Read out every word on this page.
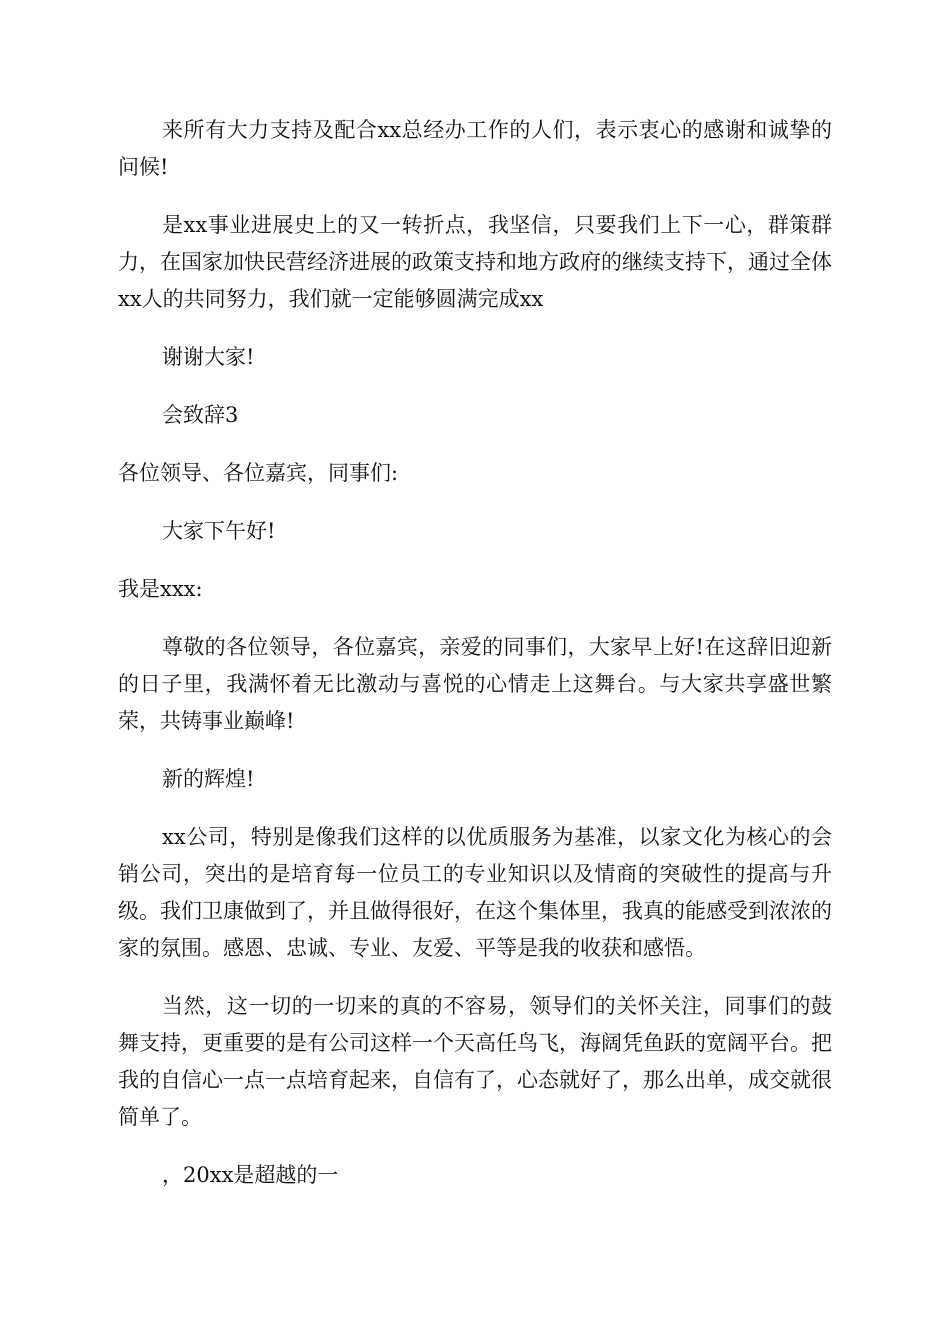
来所有大力支持及配合xx总经办工作的人们，表示衷心的感谢和诚挚的问候!

是xx事业进展史上的又一转折点，我坚信，只要我们上下一心，群策群力，在国家加快民营经济进展的政策支持和地方政府的继续支持下，通过全体xx人的共同努力，我们就一定能够圆满完成xx

谢谢大家!

会致辞3

各位领导、各位嘉宾，同事们:

大家下午好!

我是xxx:

尊敬的各位领导，各位嘉宾，亲爱的同事们，大家早上好!在这辞旧迎新的日子里，我满怀着无比激动与喜悦的心情走上这舞台。与大家共享盛世繁荣，共铸事业巅峰!

新的辉煌!

xx公司，特别是像我们这样的以优质服务为基准，以家文化为核心的会销公司，突出的是培育每一位员工的专业知识以及情商的突破性的提高与升级。我们卫康做到了，并且做得很好，在这个集体里，我真的能感受到浓浓的家的氛围。感恩、忠诚、专业、友爱、平等是我的收获和感悟。

当然，这一切的一切来的真的不容易，领导们的关怀关注，同事们的鼓舞支持，更重要的是有公司这样一个天高任鸟飞，海阔凭鱼跃的宽阔平台。把我的自信心一点一点培育起来，自信有了，心态就好了，那么出单，成交就很简单了。

，20xx是超越的一
